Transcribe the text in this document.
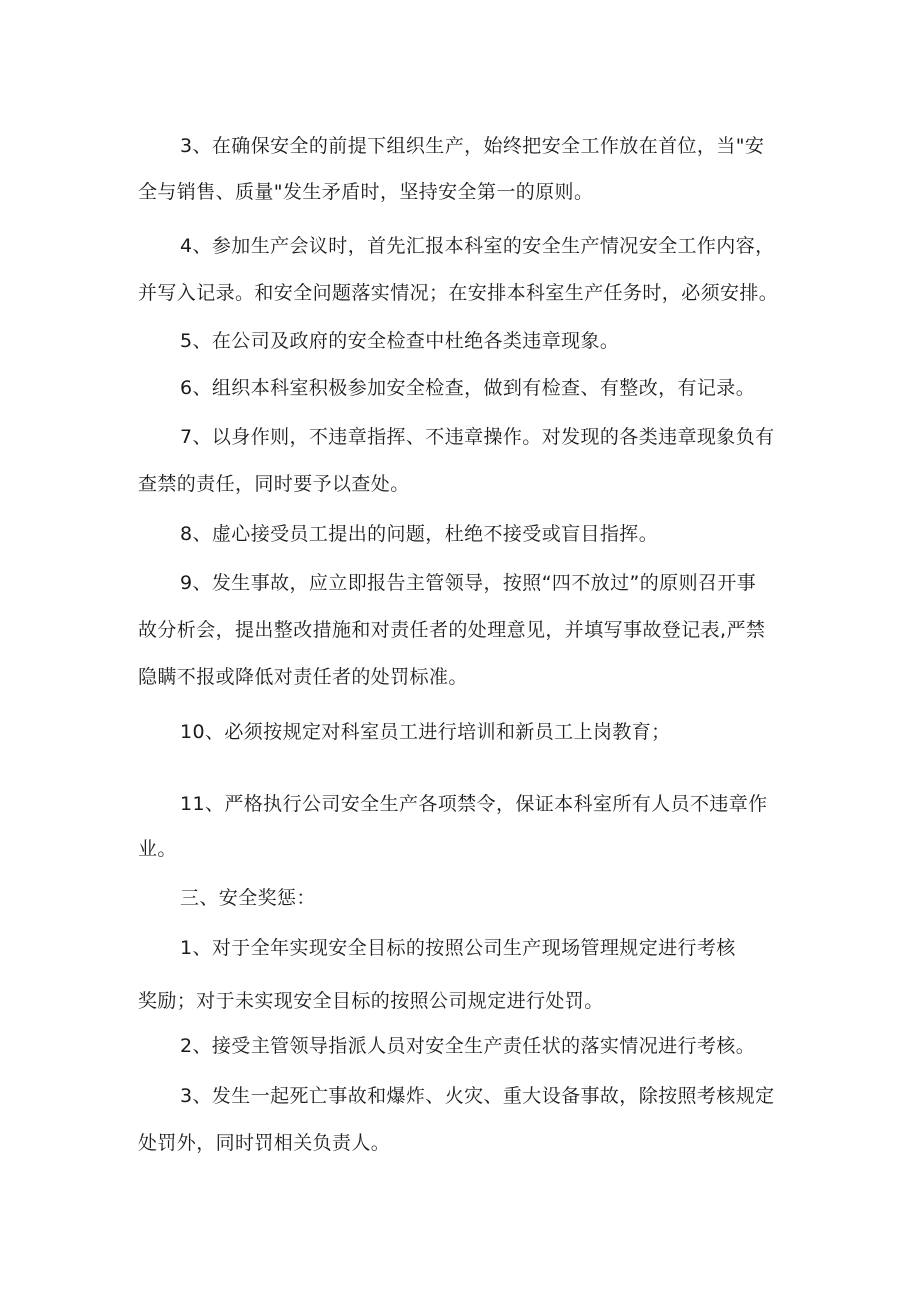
3、在确保安全的前提下组织生产，始终把安全工作放在首位，当"安
全与销售、质量"发生矛盾时，坚持安全第一的原则。
4、参加生产会议时，首先汇报本科室的安全生产情况安全工作内容，
并写入记录。和安全问题落实情况；在安排本科室生产任务时，必须安排。
5、在公司及政府的安全检查中杜绝各类违章现象。
6、组织本科室积极参加安全检查，做到有检查、有整改，有记录。
7、以身作则，不违章指挥、不违章操作。对发现的各类违章现象负有
查禁的责任，同时要予以查处。
8、虚心接受员工提出的问题，杜绝不接受或盲目指挥。
9、发生事故，应立即报告主管领导，按照“四不放过”的原则召开事
故分析会，提出整改措施和对责任者的处理意见，并填写事故登记表,严禁
隐瞒不报或降低对责任者的处罚标准。
10、必须按规定对科室员工进行培训和新员工上岗教育；
11、严格执行公司安全生产各项禁令，保证本科室所有人员不违章作
业。
三、安全奖惩：
1、对于全年实现安全目标的按照公司生产现场管理规定进行考核
奖励；对于未实现安全目标的按照公司规定进行处罚。
2、接受主管领导指派人员对安全生产责任状的落实情况进行考核。
3、发生一起死亡事故和爆炸、火灾、重大设备事故，除按照考核规定
处罚外，同时罚相关负责人。
